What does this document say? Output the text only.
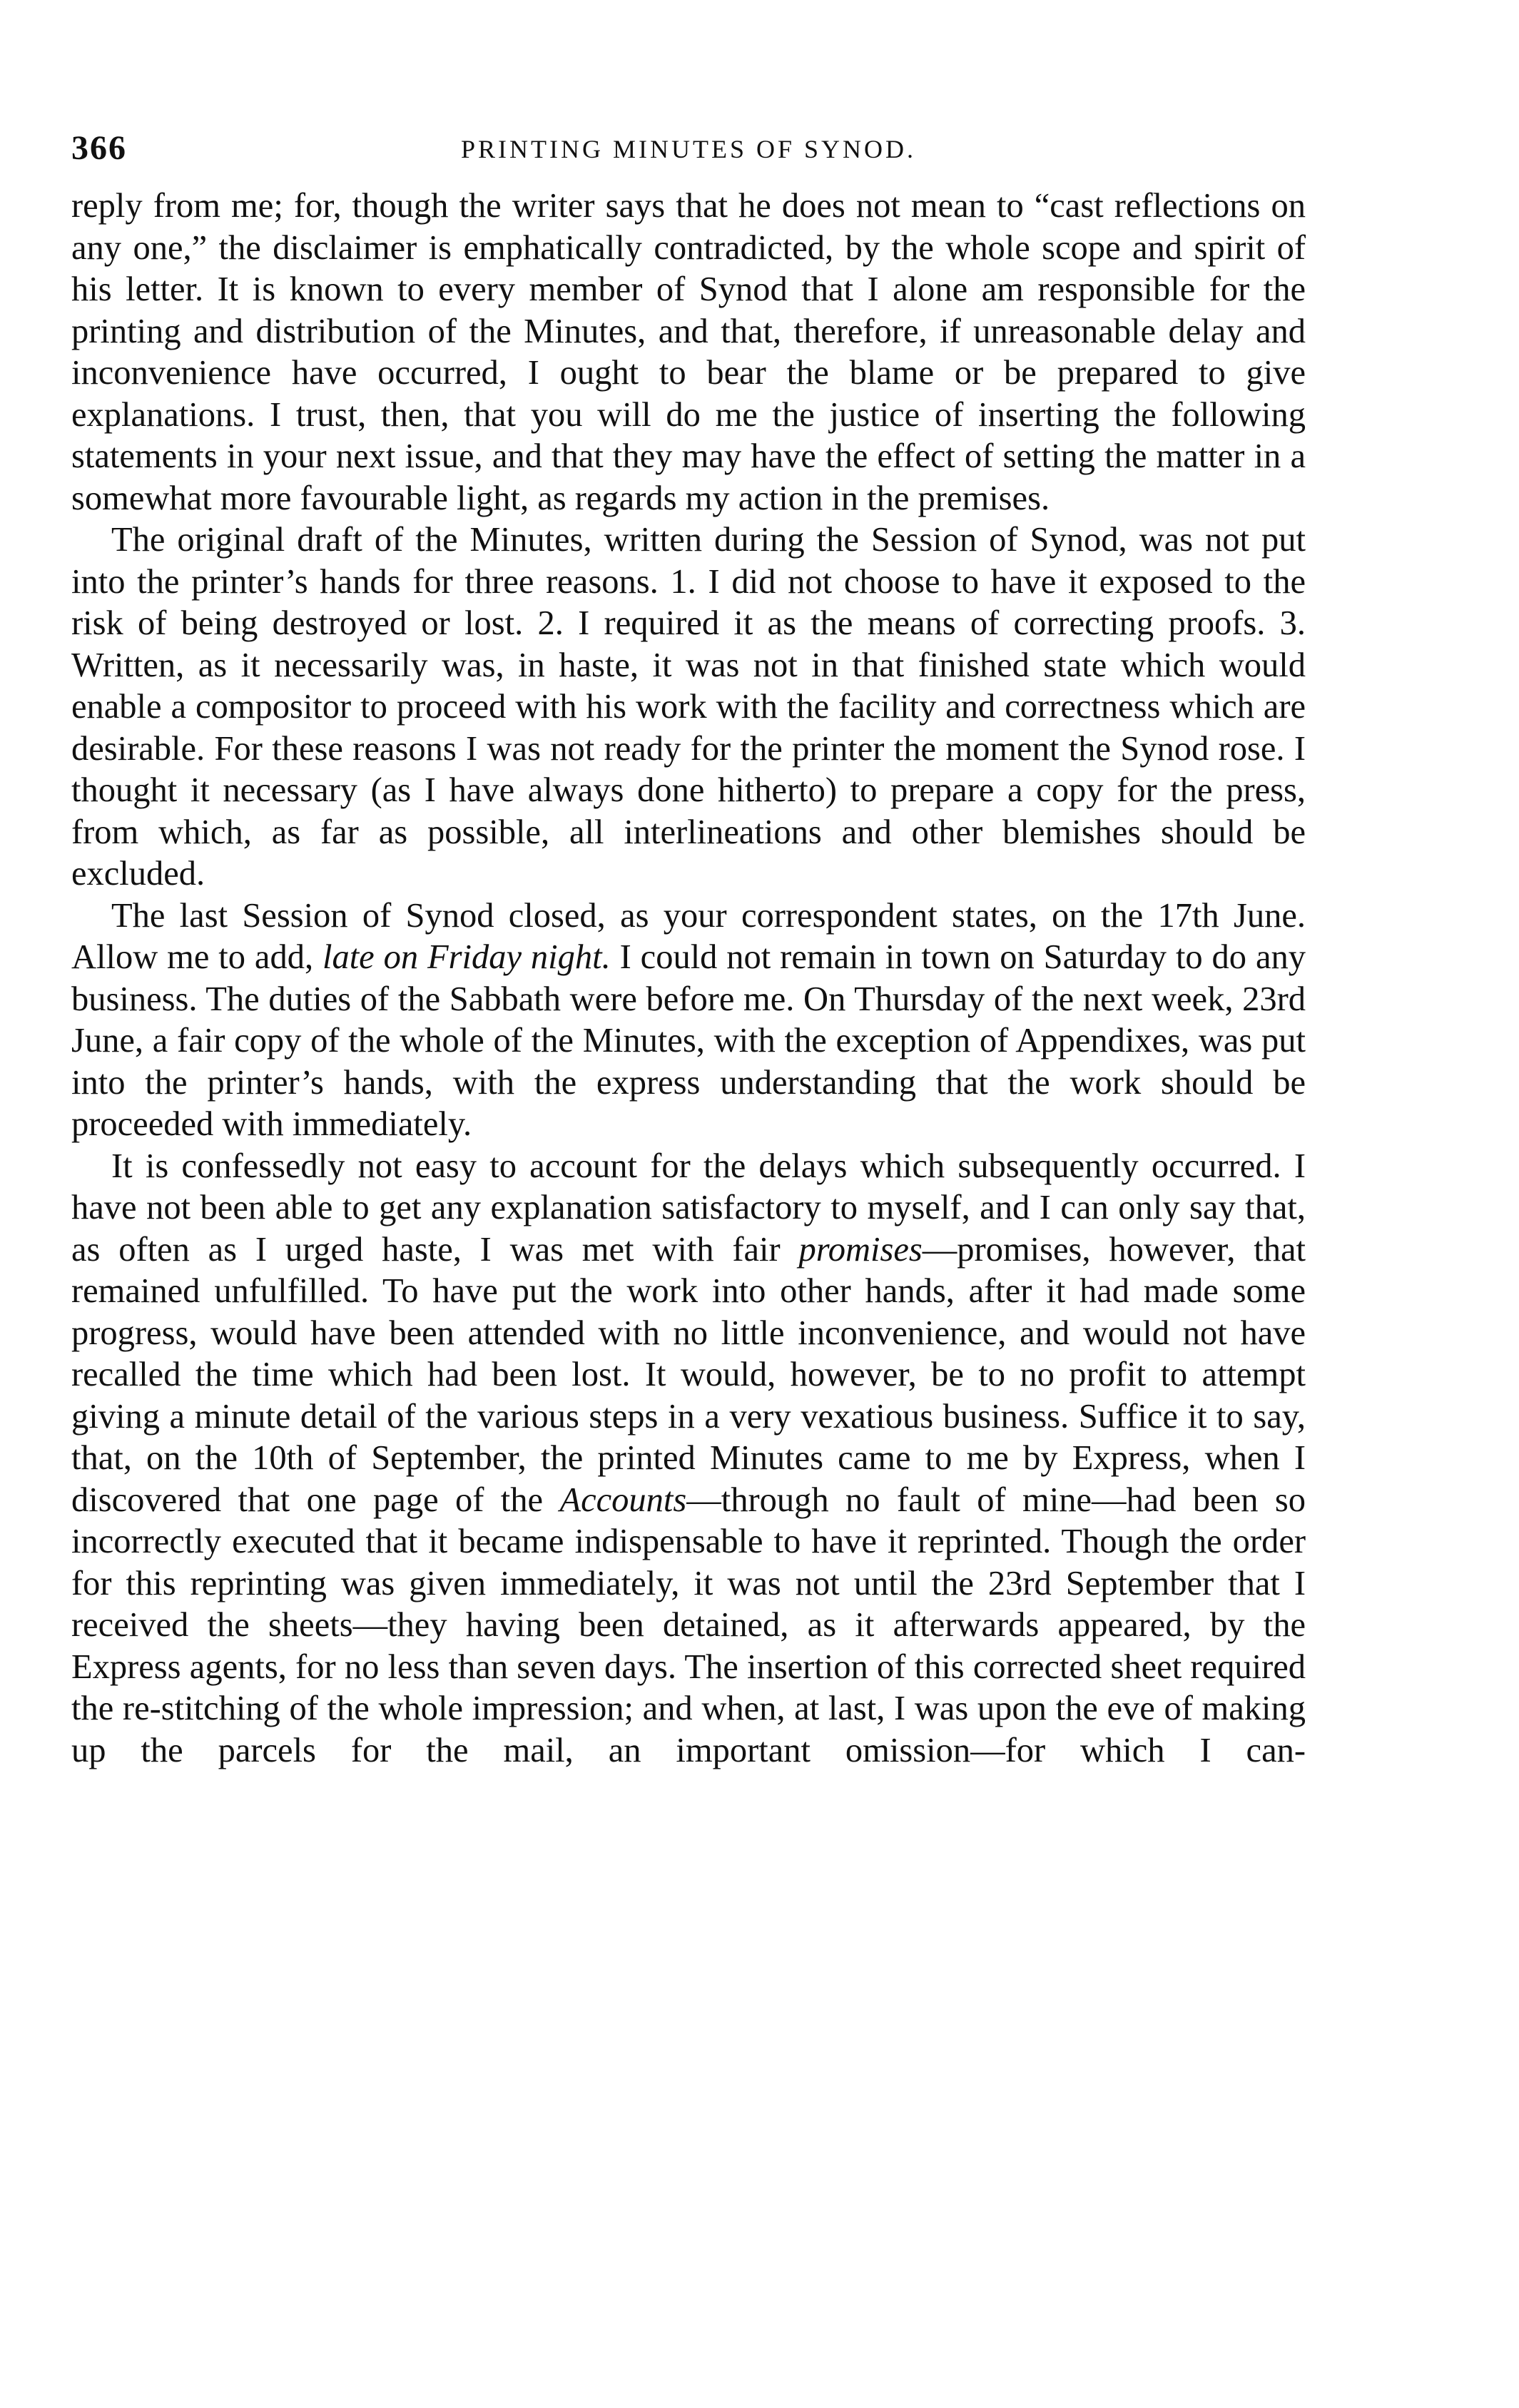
366	PRINTING MINUTES OF SYNOD.

reply from me; for, though the writer says that he does not mean to “cast reflections on any one,” the disclaimer is emphatically contradicted, by the whole scope and spirit of his letter. It is known to every member of Synod that I alone am responsible for the printing and distribution of the Minutes, and that, therefore, if unreasonable delay and inconvenience have occurred, I ought to bear the blame or be prepared to give explanations. I trust, then, that you will do me the justice of inserting the following statements in your next issue, and that they may have the effect of setting the matter in a somewhat more favourable light, as regards my action in the premises.

The original draft of the Minutes, written during the Session of Synod, was not put into the printer’s hands for three reasons. 1. I did not choose to have it exposed to the risk of being destroyed or lost. 2. I required it as the means of correcting proofs. 3. Written, as it necessarily was, in haste, it was not in that finished state which would enable a compositor to proceed with his work with the facility and correctness which are desirable. For these reasons I was not ready for the printer the moment the Synod rose. I thought it necessary (as I have always done hitherto) to prepare a copy for the press, from which, as far as possible, all interlineations and other blemishes should be excluded.

The last Session of Synod closed, as your correspondent states, on the 17th June. Allow me to add, late on Friday night. I could not remain in town on Saturday to do any business. The duties of the Sabbath were before me. On Thursday of the next week, 23rd June, a fair copy of the whole of the Minutes, with the exception of Appendixes, was put into the printer’s hands, with the express understanding that the work should be proceeded with immediately.

It is confessedly not easy to account for the delays which subsequently occurred. I have not been able to get any explanation satisfactory to myself, and I can only say that, as often as I urged haste, I was met with fair promises—promises, however, that remained unfulfilled. To have put the work into other hands, after it had made some progress, would have been attended with no little inconvenience, and would not have recalled the time which had been lost. It would, however, be to no profit to attempt giving a minute detail of the various steps in a very vexatious business. Suffice it to say, that, on the 10th of September, the printed Minutes came to me by Express, when I discovered that one page of the Accounts—through no fault of mine—had been so incorrectly executed that it became indispensable to have it reprinted. Though the order for this reprinting was given immediately, it was not until the 23rd September that I received the sheets—they having been detained, as it afterwards appeared, by the Express agents, for no less than seven days. The insertion of this corrected sheet required the re-stitching of the whole impression; and when, at last, I was upon the eve of making up the parcels for the mail, an important omission—for which I can-
